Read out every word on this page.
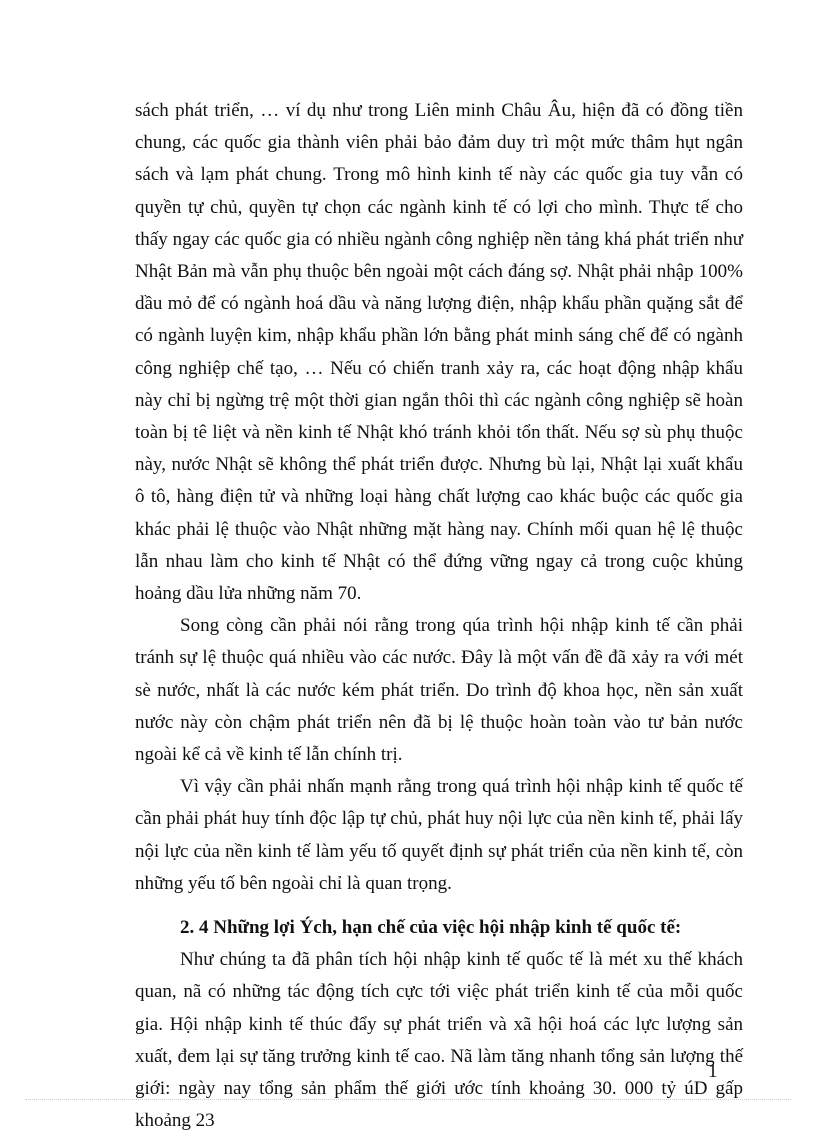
sách phát triển, … ví dụ như trong Liên minh Châu Âu, hiện đã có đồng tiền chung, các quốc gia thành viên phải bảo đảm duy trì một mức thâm hụt ngân sách và lạm phát chung. Trong mô hình kinh tế này các quốc gia tuy vẫn có quyền tự chủ, quyền tự chọn các ngành kinh tế có lợi cho mình. Thực tế cho thấy ngay các quốc gia có nhiều ngành công nghiệp nền tảng khá phát triển như Nhật Bản mà vẫn phụ thuộc bên ngoài một cách đáng sợ. Nhật phải nhập 100% dầu mỏ để có ngành hoá dầu và năng lượng điện, nhập khẩu phần quặng sắt để có ngành luyện kim, nhập khẩu phần lớn bằng phát minh sáng chế để có ngành công nghiệp chế tạo, … Nếu có chiến tranh xảy ra, các hoạt động nhập khẩu này chỉ bị ngừng trệ một thời gian ngắn thôi thì các ngành công nghiệp sẽ hoàn toàn bị tê liệt và nền kinh tế Nhật khó tránh khỏi tổn thất. Nếu sợ sù phụ thuộc này, nước Nhật sẽ không thể phát triển được. Nhưng bù lại, Nhật lại xuất khẩu ô tô, hàng điện tử và những loại hàng chất lượng cao khác buộc các quốc gia khác phải lệ thuộc vào Nhật những mặt hàng nay. Chính mối quan hệ lệ thuộc lẫn nhau làm cho kinh tế Nhật có thể đứng vững ngay cả trong cuộc khủng hoảng dầu lửa những năm 70.

Song còng cần phải nói rằng trong qúa trình hội nhập kinh tế cần phải tránh sự lệ thuộc quá nhiều vào các nước. Đây là một vấn đề đã xảy ra với mét sè nước, nhất là các nước kém phát triển. Do trình độ khoa học, nền sản xuất nước này còn chậm phát triển nên đã bị lệ thuộc hoàn toàn vào tư bản nước ngoài kể cả về kinh tế lẫn chính trị.

Vì vậy cần phải nhấn mạnh rằng trong quá trình hội nhập kinh tế quốc tế cần phải phát huy tính độc lập tự chủ, phát huy nội lực của nền kinh tế, phải lấy nội lực của nền kinh tế làm yếu tố quyết định sự phát triển của nền kinh tế, còn những yếu tố bên ngoài chỉ là quan trọng.

2. 4 Những lợi Ých, hạn chế của việc hội nhập kinh tế quốc tế:

Như chúng ta đã phân tích hội nhập kinh tế quốc tế là mét xu thế khách quan, nã có những tác động tích cực tới việc phát triển kinh tế của mỗi quốc gia. Hội nhập kinh tế thúc đẩy sự phát triển và xã hội hoá các lực lượng sản xuất, đem lại sự tăng trưởng kinh tế cao. Nã làm tăng nhanh tổng sản lượng thế giới: ngày nay tổng sản phẩm thế giới ước tính khoảng 30. 000 tỷ úD gấp khoảng 23

1
